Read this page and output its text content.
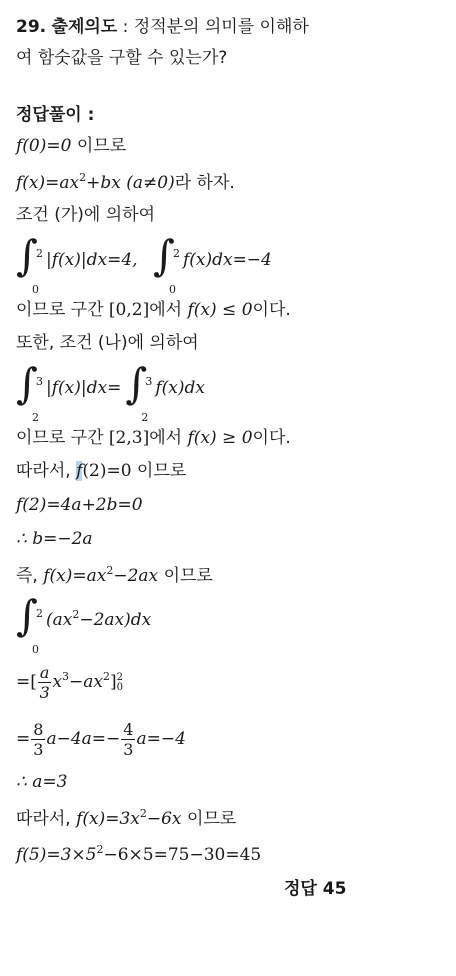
29. 출제의도 : 정적분의 의미를 이해하
여 함숫값을 구할 수 있는가?
정답풀이 :
f(0)=0 이므로
$f(x)=ax^2+bx$ (a≠0)라 하자.
조건 (가)에 의하여
∫
2
0
|f(x)|dx=4, ∫
2
0
f(x)dx=−4
이므로 구간 [0,2]에서 f(x) ≤ 0이다.
또한, 조건 (나)에 의하여
∫
3
2
|f(x)|dx= ∫
3
2
f(x)dx
이므로 구간 [2,3]에서 f(x) ≥ 0이다.
따라서, f(2)=0 이므로
f(2)=4a+2b=0
∴ b=−2a
즉, $f(x)=ax^2-2ax$ 이므로
∫
2
0
$(ax^2-2ax)dx$
=[ $\frac{a}{3} x^3-ax^2$] 2
0
= $\frac{8}{3} a-4a=- \frac{4}{3} a=-4$
∴ a=3
따라서, $f(x)=3x^2-6x$ 이므로
$f(5)=3\times 5^2-6\times 5=75-30=45$
정답 45
